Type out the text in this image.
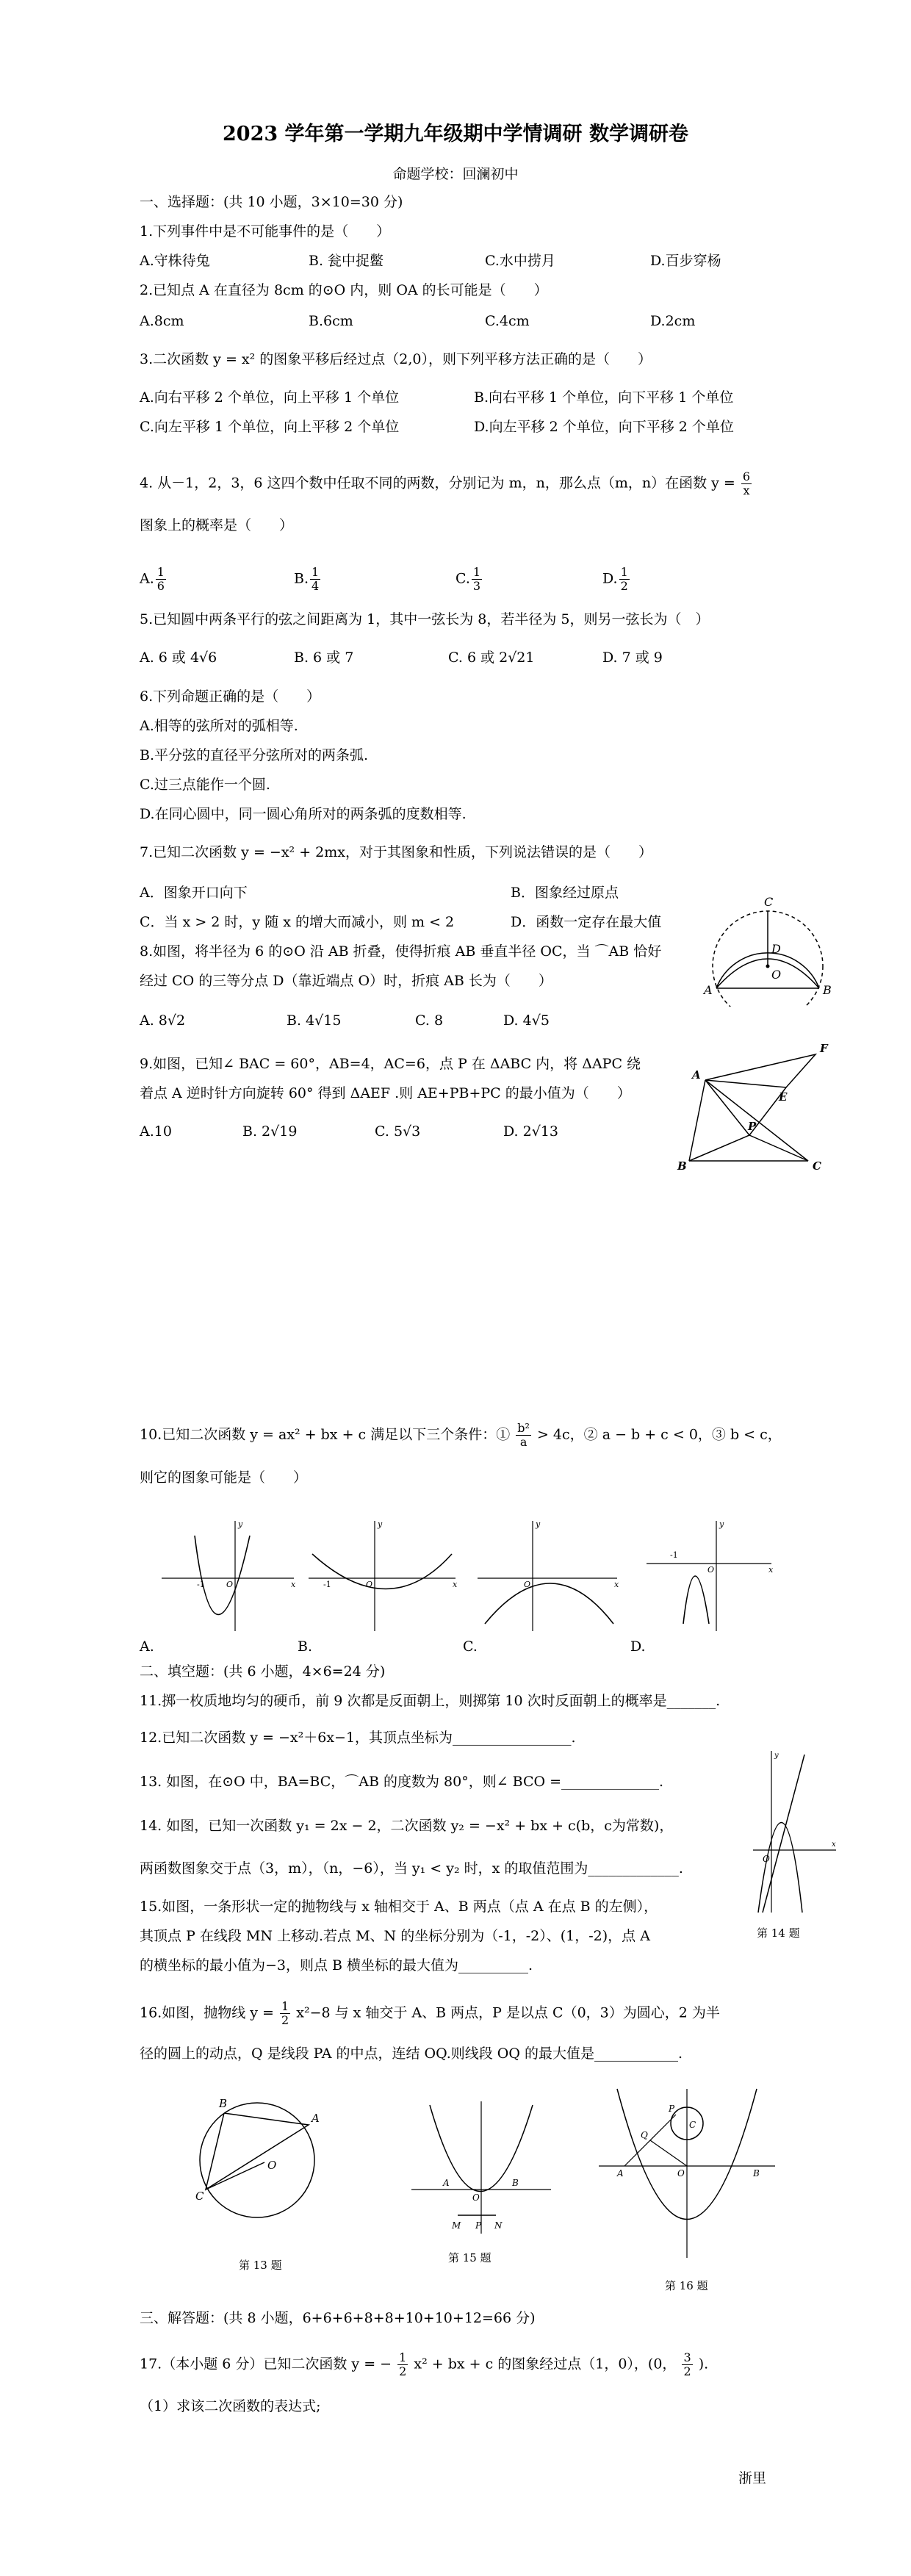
2023 学年第一学期九年级期中学情调研 数学调研卷
命题学校：回澜初中
一、选择题：(共 10 小题，3×10=30 分)
1.下列事件中是不可能事件的是（　　）
A.守株待兔	B. 瓮中捉鳖	C.水中捞月	D.百步穿杨
2.已知点 A 在直径为 8cm 的⊙O 内，则 OA 的长可能是（　　）
A.8cm	B.6cm	C.4cm	D.2cm
3.二次函数 y = x² 的图象平移后经过点（2,0），则下列平移方法正确的是（　　）
A.向右平移 2 个单位，向上平移 1 个单位	B.向右平移 1 个单位，向下平移 1 个单位
C.向左平移 1 个单位，向上平移 2 个单位	D.向左平移 2 个单位，向下平移 2 个单位
4. 从－1，2，3，6 这四个数中任取不同的两数，分别记为 m，n，那么点（m，n）在函数 $y = \frac{6}{x}$
图象上的概率是（　　）
A. $\frac{1}{6}$	B. $\frac{1}{4}$	C. $\frac{1}{3}$	D. $\frac{1}{2}$
5.已知圆中两条平行的弦之间距离为 1，其中一弦长为 8，若半径为 5，则另一弦长为（　）
A. 6 或 4√6	B. 6 或 7	C. 6 或 2√21	D. 7 或 9
6.下列命题正确的是（　　）
A.相等的弦所对的弧相等.
B.平分弦的直径平分弦所对的两条弧.
C.过三点能作一个圆.
D.在同心圆中，同一圆心角所对的两条弧的度数相等.
7.已知二次函数 y = −x² + 2mx，对于其图象和性质，下列说法错误的是（　　）
A．图象开口向下	B．图象经过原点
C．当 x > 2 时，y 随 x 的增大而减小，则 m < 2	D．函数一定存在最大值
8.如图，将半径为 6 的⊙O 沿 AB 折叠，使得折痕 AB 垂直半径 OC，当 ⌒AB 恰好
经过 CO 的三等分点 D（靠近端点 O）时，折痕 AB 长为（　　）
A. 8√2	B. 4√15	C. 8	D. 4√5
C
D
O
A	B
9.如图，已知∠ BAC = 60°，AB=4，AC=6，点 P 在 ΔABC 内，将 ΔAPC 绕
着点 A 逆时针方向旋转 60° 得到 ΔAEF .则 AE+PB+PC 的最小值为（　　）
A.10	B. 2√19	C. 5√3	D. 2√13
F
A
E
P
B	C
10.已知二次函数 y = ax² + bx + c 满足以下三个条件：① $\frac{\text{b²}}{a} > 4c$，② a − b + c < 0，③ b < c，
则它的图象可能是（　　）
x
y
-1	O	x
y
-1	O	x
y
O
x
y
-1
O
A.	B.	C.	D.
二、填空题：(共 6 小题，4×6=24 分)
11.掷一枚质地均匀的硬币，前 9 次都是反面朝上，则掷第 10 次时反面朝上的概率是_______.
12.已知二次函数 y = −x²＋6x−1，其顶点坐标为_________________.
13. 如图，在⊙O 中，BA=BC，⌒AB 的度数为 80°，则∠ BCO =______________.
14. 如图，已知一次函数 y₁ = 2x − 2，二次函数 y₂ = −x² + bx + c(b，c为常数)，
两函数图象交于点（3，m），（n，−6），当 y₁ < y₂ 时，x 的取值范围为_____________.
15.如图，一条形状一定的抛物线与 x 轴相交于 A、B 两点（点 A 在点 B 的左侧），
其顶点 P 在线段 MN 上移动.若点 M、N 的坐标分别为（-1，-2）、(1，-2)，点 A
的横坐标的最小值为−3，则点 B 横坐标的最大值为__________.
x
y
O
第 14 题
16.如图，抛物线 $y = \frac{1}{2} x^2-8$ 与 x 轴交于 A、B 两点，P 是以点 C（0，3）为圆心，2 为半
径的圆上的动点，Q 是线段 PA 的中点，连结 OQ.则线段 OQ 的最大值是____________.
B
A
C
O
第 13 题
A	B
O
M P N
第 15 题
A	B
C
P
Q
O
第 16 题
三、解答题：(共 8 小题，6+6+6+8+8+10+10+12=66 分)
17.（本小题 6 分）已知二次函数 y = − $\frac{1}{2} x^2$ + bx + c 的图象经过点（1，0），(0， $\frac{3}{2}$ ).
（1）求该二次函数的表达式;
浙里
